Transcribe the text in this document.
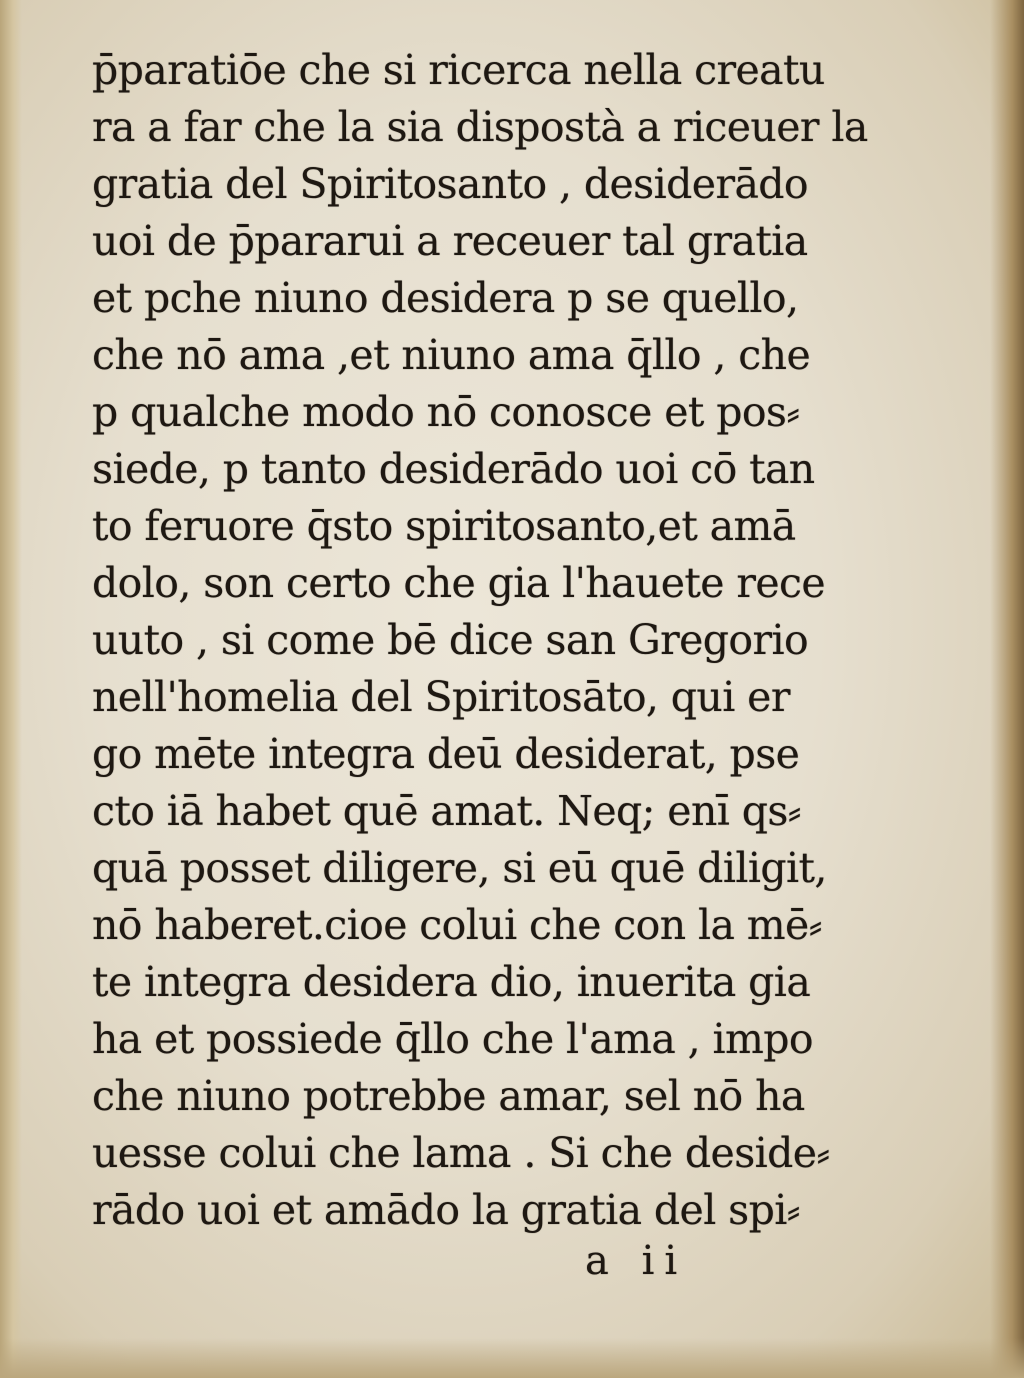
p̄paratiōe che si ricerca nella creatu
ra a far che la sia dispostà a riceuer la
gratia del Spiritosanto , desiderādo
uoi de p̄pararui a receuer tal gratia
et pche niuno desidera p se quello,
che nō ama ,et niuno ama q̄llo , che
p qualche modo nō conosce et pos⸗
siede, p tanto desiderādo uoi cō tan
to feruore q̄sto spiritosanto,et amā
dolo, son certo che gia l'hauete rece
uuto , si come bē dice san Gregorio
nell'homelia del Spiritosāto, qui er
go mēte integra deū desiderat, pse
cto iā habet quē amat. Neq; enī qs⸗
quā posset diligere, si eū quē diligit,
nō haberet.cioe colui che con la mē⸗
te integra desidera dio, inuerita gia
ha et possiede q̄llo che l'ama , impo
che niuno potrebbe amar, sel nō ha
uesse colui che lama . Si che deside⸗
rādo uoi et amādo la gratia del spi⸗
a ii
